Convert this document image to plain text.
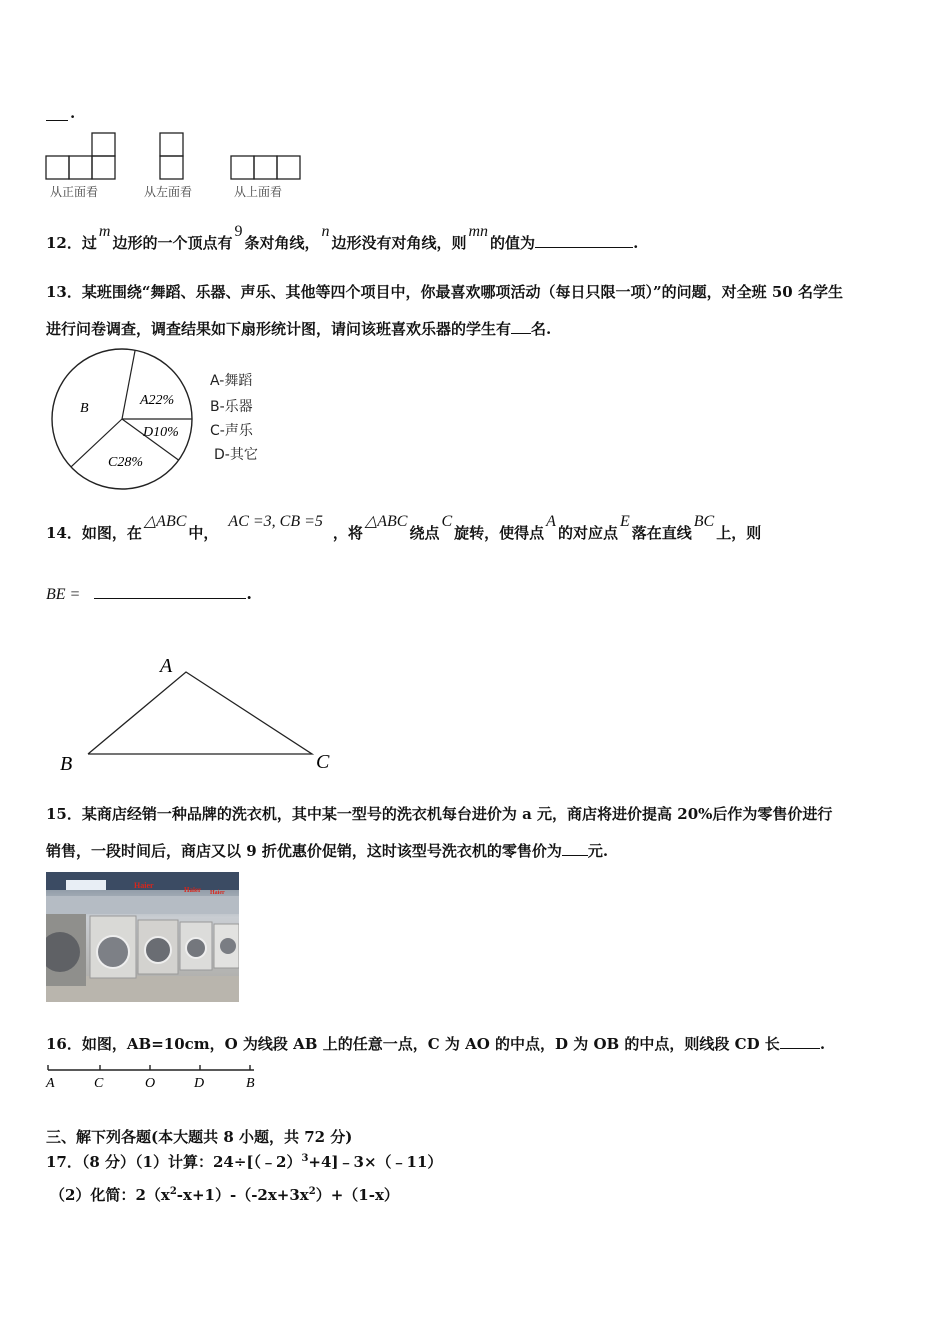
.
从正面看	从左面看	从上面看
12．过m边形的一个顶点有9条对角线，n边形没有对角线，则mn的值为	.
13．某班围绕“舞蹈、乐器、声乐、其他等四个项目中，你最喜欢哪项活动（每日只限一项）”的问题，对全班 50 名学生
进行问卷调查，调查结果如下扇形统计图，请问该班喜欢乐器的学生有 名.
B
A22%
D10%
C28%
A-舞蹈
B-乐器
C-声乐
D-其它
14．如图，在△ABC中，AC =3, CB =5，将△ABC绕点C旋转，使得点A的对应点E落在直线BC上，则
BE =	.
A
B	C
15．某商店经销一种品牌的洗衣机，其中某一型号的洗衣机每台进价为 a 元，商店将进价提高 20%后作为零售价进行
销售，一段时间后，商店又以 9 折优惠价促销，这时该型号洗衣机的零售价为 元.
Haier	Haier Haier
16．如图，AB=10cm，O 为线段 AB 上的任意一点，C 为 AO 的中点，D 为 OB 的中点，则线段 CD 长	.
A	C	O	D	B
三、解下列各题(本大题共 8 小题，共 72 分)
17．（8 分）（1）计算：24÷[（﹣2）$^3$+4]﹣3×（﹣11）
（2）化简：$2(x^2-x+1)-(-2x+3x^2)+(1-x)$
